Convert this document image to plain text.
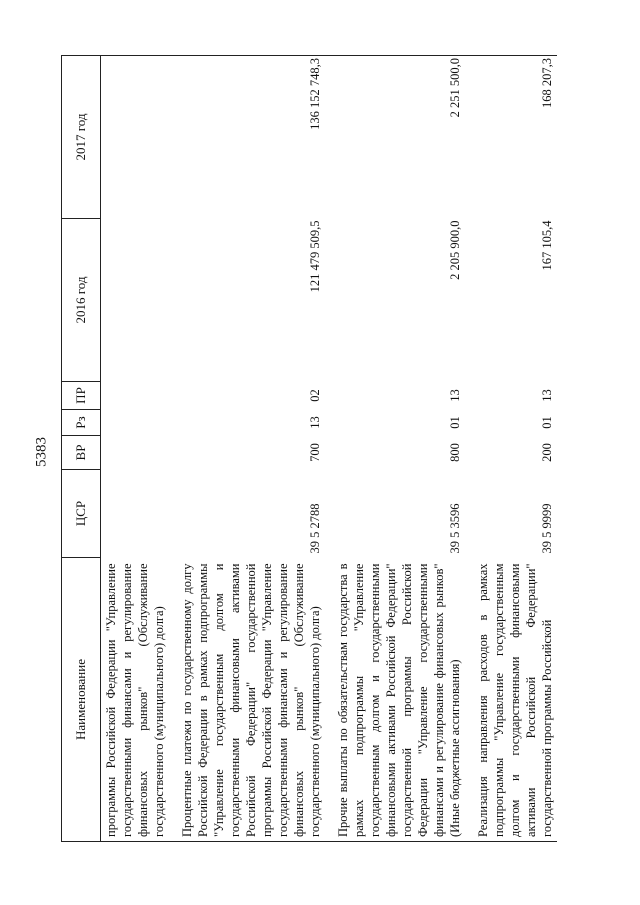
5383
Наименование	ЦСР	ВР	Рз	ПР	2016 год	2017 год
программы Российской Федерации "Управление государственными финансами и регулирование финансовых рынков" (Обслуживание государственного (муниципального) долга)						

Процентные платежи по государственному долгу Российской Федерации в рамках подпрограммы "Управление государственным долгом и государственными финансовыми активами Российской Федерации" государственной программы Российской Федерации "Управление государственными финансами и регулирование финансовых рынков" (Обслуживание государственного (муниципального) долга)	39 5 2788	700	13	02	121 479 509,5	136 152 748,3

Прочие выплаты по обязательствам государства в рамках подпрограммы "Управление государственным долгом и государственными финансовыми активами Российской Федерации" государственной программы Российской Федерации "Управление государственными финансами и регулирование финансовых рынков" (Иные бюджетные ассигнования)	39 5 3596	800	01	13	2 205 900,0	2 251 500,0

Реализация направления расходов в рамках подпрограммы "Управление государственным долгом и государственными финансовыми активами Российской Федерации" государственной программы Российской	39 5 9999	200	01	13	167 105,4	168 207,3
